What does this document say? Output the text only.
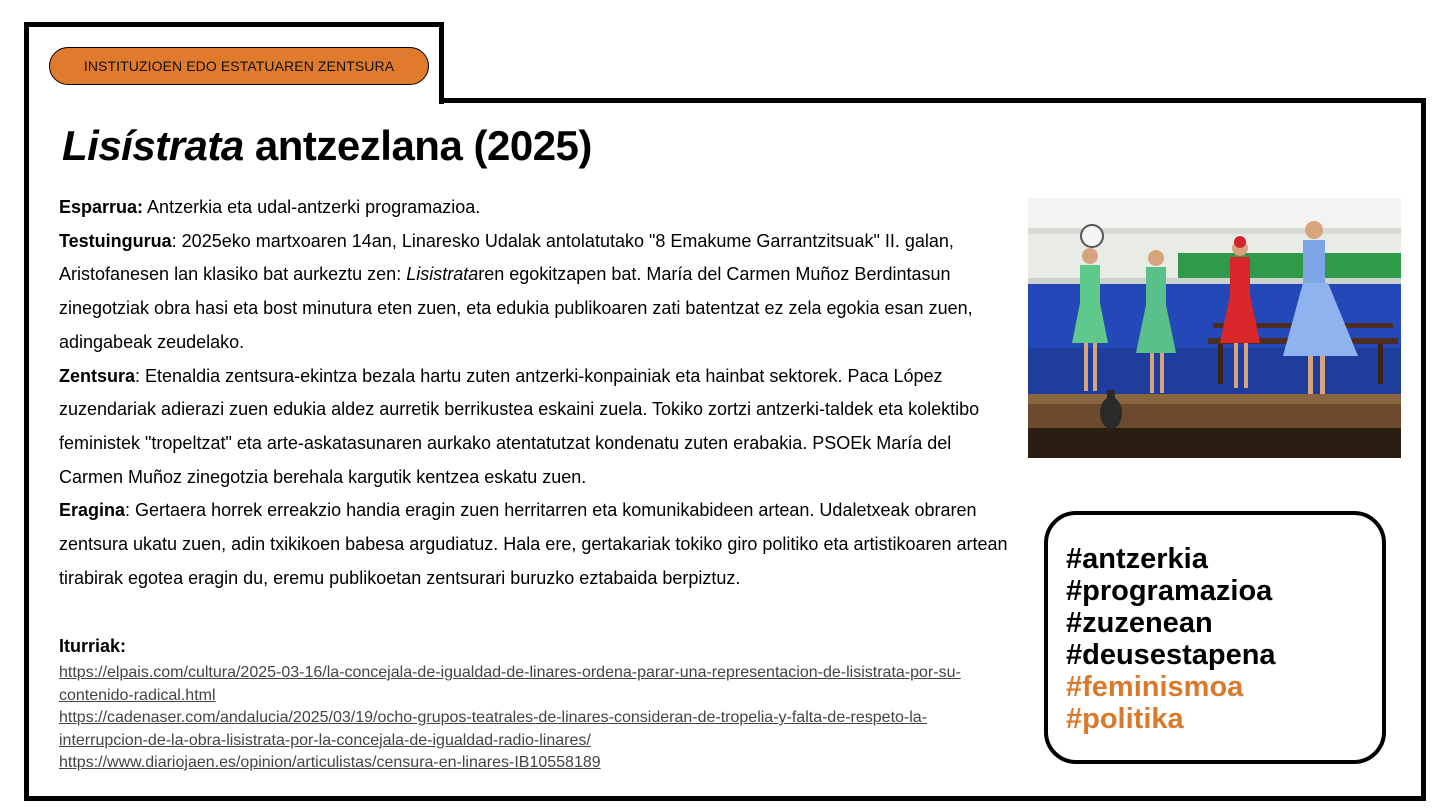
INSTITUZIOEN EDO ESTATUAREN ZENTSURA
Lisístrata antzezlana (2025)

Esparrua: Antzerkia eta udal-antzerki programazioa.

Testuingurua: 2025eko martxoaren 14an, Linaresko Udalak antolatutako "8 Emakume Garrantzitsuak" II. galan, Aristofanesen lan klasiko bat aurkeztu zen: Lisistrataren egokitzapen bat. María del Carmen Muñoz Berdintasun zinegotziak obra hasi eta bost minutura eten zuen, eta edukia publikoaren zati batentzat ez zela egokia esan zuen, adingabeak zeudelako.

Zentsura: Etenaldia zentsura-ekintza bezala hartu zuten antzerki-konpainiak eta hainbat sektorek. Paca López zuzendariak adierazi zuen edukia aldez aurretik berrikustea eskaini zuela. Tokiko zortzi antzerki-taldek eta kolektibo feministek "tropeltzat" eta arte-askatasunaren aurkako atentatutzat kondenatu zuten erabakia. PSOEk María del Carmen Muñoz zinegotzia berehala kargutik kentzea eskatu zuen.

Eragina: Gertaera horrek erreakzio handia eragin zuen herritarren eta komunikabideen artean. Udaletxeak obraren zentsura ukatu zuen, adin txikikoen babesa argudiatuz. Hala ere, gertakariak tokiko giro politiko eta artistikoaren artean tirabirak egotea eragin du, eremu publikoetan zentsurari buruzko eztabaida berpiztuz.

Iturriak:
https://elpais.com/cultura/2025-03-16/la-concejala-de-igualdad-de-linares-ordena-parar-una-representacion-de-lisistrata-por-su-contenido-radical.html
https://cadenaser.com/andalucia/2025/03/19/ocho-grupos-teatrales-de-linares-consideran-de-tropelia-y-falta-de-respeto-la-interrupcion-de-la-obra-lisistrata-por-la-concejala-de-igualdad-radio-linares/
https://www.diariojaen.es/opinion/articulistas/censura-en-linares-IB10558189
#antzerkia
#programazioa
#zuzenean
#deusestapena
#feminismoa
#politika
